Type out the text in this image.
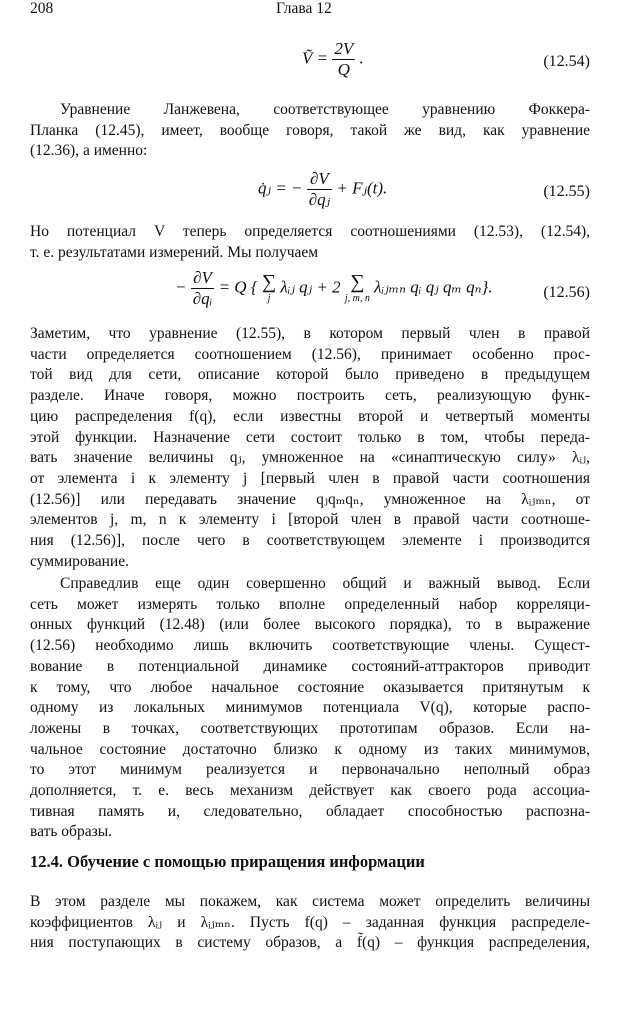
208	Глава 12
Ṽ = $\frac{2V}{Q}$ .	(12.54)
Уравнение Ланжевена, соответствующее уравнению Фоккера-
Планка (12.45), имеет, вообще говоря, такой же вид, как уравнение
(12.36), а именно:
q̇ⱼ = − $\frac{\partial V}{\text{∂qⱼ}}$ + Fⱼ(t).	(12.55)
Но потенциал V теперь определяется соотношениями (12.53), (12.54),
т. е. результатами измерений. Мы получаем
− $\frac{\partial V}{\text{∂qᵢ}} = Q$ { ∑
j
λᵢⱼ qⱼ + 2 ∑
j, m, n
λᵢⱼₘₙ qᵢ qⱼ qₘ qₙ}.	(12.56)
Заметим, что уравнение (12.55), в котором первый член в правой
части определяется соотношением (12.56), принимает особенно прос-
той вид для сети, описание которой было приведено в предыдущем
разделе. Иначе говоря, можно построить сеть, реализующую функ-
цию распределения f(q), если известны второй и четвертый моменты
этой функции. Назначение сети состоит только в том, чтобы переда-
вать значение величины qⱼ, умноженное на «синаптическую силу» λᵢⱼ,
от элемента i к элементу j [первый член в правой части соотношения
(12.56)] или передавать значение qⱼqₘqₙ, умноженное на λᵢⱼₘₙ, от
элементов j, m, n к элементу i [второй член в правой части соотноше-
ния (12.56)], после чего в соответствующем элементе i производится
суммирование.
Справедлив еще один совершенно общий и важный вывод. Если
сеть может измерять только вполне определенный набор корреляци-
онных функций (12.48) (или более высокого порядка), то в выражение
(12.56) необходимо лишь включить соответствующие члены. Сущест-
вование в потенциальной динамике состояний-аттракторов приводит
к тому, что любое начальное состояние оказывается притянутым к
одному из локальных минимумов потенциала V(q), которые распо-
ложены в точках, соответствующих прототипам образов. Если на-
чальное состояние достаточно близко к одному из таких минимумов,
то этот минимум реализуется и первоначально неполный образ
дополняется, т. е. весь механизм действует как своего рода ассоциа-
тивная память и, следовательно, обладает способностью распозна-
вать образы.
12.4. Обучение с помощью приращения информации
В этом разделе мы покажем, как система может определить величины
коэффициентов λᵢⱼ и λᵢⱼₘₙ. Пусть f(q) – заданная функция распределе-
ния поступающих в систему образов, а f̃(q) – функция распределения,
